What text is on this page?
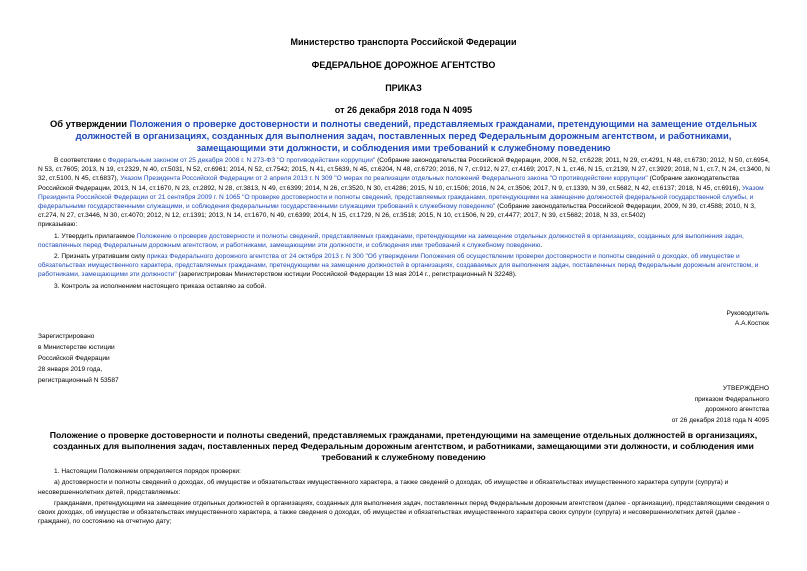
Министерство транспорта Российской Федерации
ФЕДЕРАЛЬНОЕ ДОРОЖНОЕ АГЕНТСТВО
ПРИКАЗ
от 26 декабря 2018 года N 4095
Об утверждении Положения о проверке достоверности и полноты сведений, представляемых гражданами, претендующими на замещение отдельных должностей в организациях, созданных для выполнения задач, поставленных перед Федеральным дорожным агентством, и работниками, замещающими эти должности, и соблюдения ими требований к служебному поведению

В соответствии с Федеральным законом от 25 декабря 2008 г. N 273-ФЗ "О противодействии коррупции" (Собрание законодательства Российской Федерации, 2008, N 52, ст.6228; 2011, N 29, ст.4291, N 48, ст.6730; 2012, N 50, ст.6954, N 53, ст.7605; 2013, N 19, ст.2329, N 40, ст.5031, N 52, ст.6961; 2014, N 52, ст.7542; 2015, N 41, ст.5639, N 45, ст.6204, N 48, ст.6720; 2016, N 7, ст.912, N 27, ст.4169; 2017, N 1, ст.46, N 15, ст.2139, N 27, ст.3929; 2018, N 1, ст.7, N 24, ст.3400, N 32, ст.5100, N 45, ст.6837), Указом Президента Российской Федерации от 2 апреля 2013 г. N 309 "О мерах по реализации отдельных положений Федерального закона "О противодействии коррупции" (Собрание законодательства Российской Федерации, 2013, N 14, ст.1670, N 23, ст.2892, N 28, ст.3813, N 49, ст.6399; 2014, N 26, ст.3520, N 30, ст.4286; 2015, N 10, ст.1506; 2016, N 24, ст.3506; 2017, N 9, ст.1339, N 39, ст.5682, N 42, ст.6137; 2018, N 45, ст.6916), Указом Президента Российской Федерации от 21 сентября 2009 г. N 1065 "О проверке достоверности и полноты сведений, представляемых гражданами, претендующими на замещение должностей федеральной государственной службы, и федеральными государственными служащими, и соблюдения федеральными государственными служащими требований к служебному поведению" (Собрание законодательства Российской Федерации, 2009, N 39, ст.4588; 2010, N 3, ст.274, N 27, ст.3446, N 30, ст.4070; 2012, N 12, ст.1391; 2013, N 14, ст.1670, N 49, ст.6399; 2014, N 15, ст.1729, N 26, ст.3518; 2015, N 10, ст.1506, N 29, ст.4477; 2017, N 39, ст.5682; 2018, N 33, ст.5402)

приказываю:

1. Утвердить прилагаемое Положение о проверке достоверности и полноты сведений, представляемых гражданами, претендующими на замещение отдельных должностей в организациях, созданных для выполнения задач, поставленных перед Федеральным дорожным агентством, и работниками, замещающими эти должности, и соблюдения ими требований к служебному поведению.

2. Признать утратившим силу приказ Федерального дорожного агентства от 24 октября 2013 г. N 300 "Об утверждении Положения об осуществлении проверки достоверности и полноты сведений о доходах, об имуществе и обязательствах имущественного характера, представляемых гражданами, претендующими на замещение должностей в организациях, создаваемых для выполнения задач, поставленных перед Федеральным дорожным агентством, и работниками, замещающими эти должности" (зарегистрирован Министерством юстиции Российской Федерации 13 мая 2014 г., регистрационный N 32248).

3. Контроль за исполнением настоящего приказа оставляю за собой.

Руководитель
А.А.Костюк
Зарегистрировано
в Министерстве юстиции
Российской Федерации
28 января 2019 года,
регистрационный N 53587
УТВЕРЖДЕНО
приказом Федерального
дорожного агентства
от 26 декабря 2018 года N 4095
Положение о проверке достоверности и полноты сведений, представляемых гражданами, претендующими на замещение отдельных должностей в организациях, созданных для выполнения задач, поставленных перед Федеральным дорожным агентством, и работниками, замещающими эти должности, и соблюдения ими требований к служебному поведению

1. Настоящим Положением определяется порядок проверки:

а) достоверности и полноты сведений о доходах, об имуществе и обязательствах имущественного характера, а также сведений о доходах, об имуществе и обязательствах имущественного характера супруги (супруга) и несовершеннолетних детей, представляемых:

гражданами, претендующими на замещение отдельных должностей в организациях, созданных для выполнения задач, поставленных перед Федеральным дорожным агентством (далее - организации), представляющими сведения о своих доходах, об имуществе и обязательствах имущественного характера, а также сведения о доходах, об имуществе и обязательствах имущественного характера своих супруги (супруга) и несовершеннолетних детей (далее - граждане), по состоянию на отчетную дату;
